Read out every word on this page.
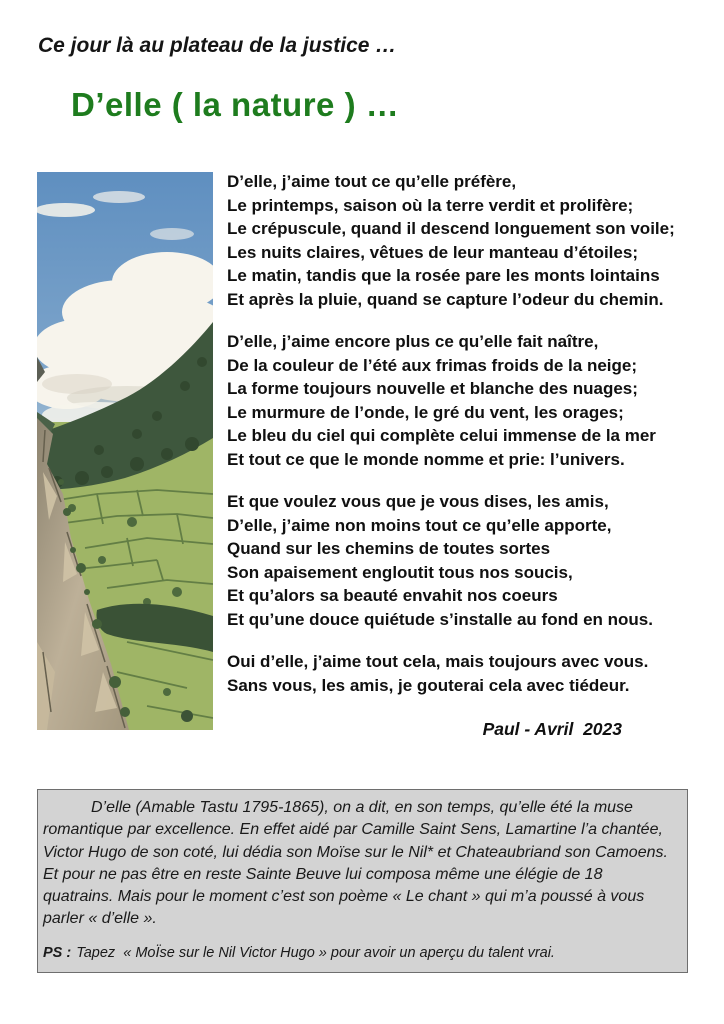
Ce jour là au plateau de la justice …
D’elle ( la nature ) …
D’elle, j’aime tout ce qu’elle préfère,
Le printemps, saison où la terre verdit et prolifère;
Le crépuscule, quand il descend longuement son voile;
Les nuits claires, vêtues de leur manteau d’étoiles;
Le matin, tandis que la rosée pare les monts lointains
Et après la pluie, quand se capture l’odeur du chemin.
D’elle, j’aime encore plus ce qu’elle fait naître,
De la couleur de l’été aux frimas froids de la neige;
La forme toujours nouvelle et blanche des nuages;
Le murmure de l’onde, le gré du vent, les orages;
Le bleu du ciel qui complète celui immense de la mer
Et tout ce que le monde nomme et prie: l’univers.
Et que voulez vous que je vous dises, les amis,
D’elle, j’aime non moins tout ce qu’elle apporte,
Quand sur les chemins de toutes sortes
Son apaisement engloutit tous nos soucis,
Et qu’alors sa beauté envahit nos coeurs
Et qu’une douce quiétude s’installe au fond en nous.
Oui d’elle, j’aime tout cela, mais toujours avec vous.
Sans vous, les amis, je gouterai cela avec tiédeur.
Paul - Avril  2023

D’elle (Amable Tastu 1795-1865), on a dit, en son temps, qu’elle été la muse romantique par excellence. En effet aidé par Camille Saint Sens, Lamartine l’a chantée, Victor Hugo de son coté, lui dédia son Moïse sur le Nil* et Chateaubriand son Camoens. Et pour ne pas être en reste Sainte Beuve lui composa même une élégie de 18 quatrains. Mais pour le moment c’est son poème « Le chant » qui m’a poussé à vous parler « d’elle ».

PS : Tapez  « MoÏse sur le Nil Victor Hugo » pour avoir un aperçu du talent vrai.
